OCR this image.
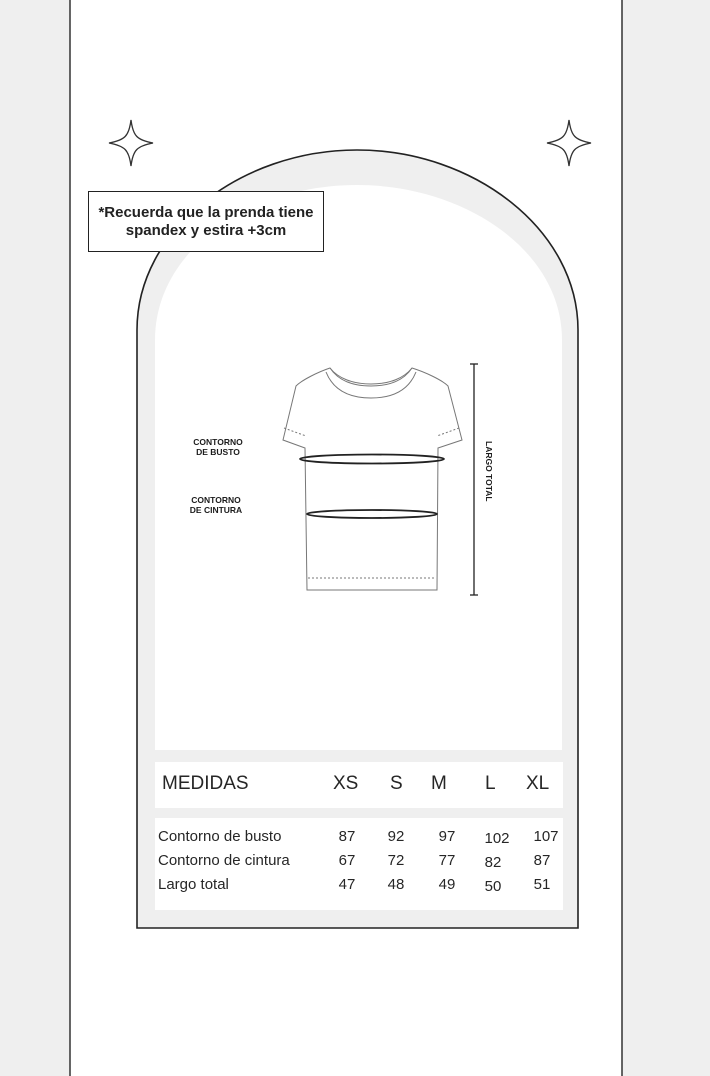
*Recuerda que la prenda tiene
spandex y estira +3cm
CONTORNO
DE BUSTO
CONTORNO
DE CINTURA
LARGO TOTAL
MEDIDAS	XS S M L XL
Contorno de busto	87	92	97	102	107
Contorno de cintura	67	72	77	82	87
Largo total	47	48	49	50	51
